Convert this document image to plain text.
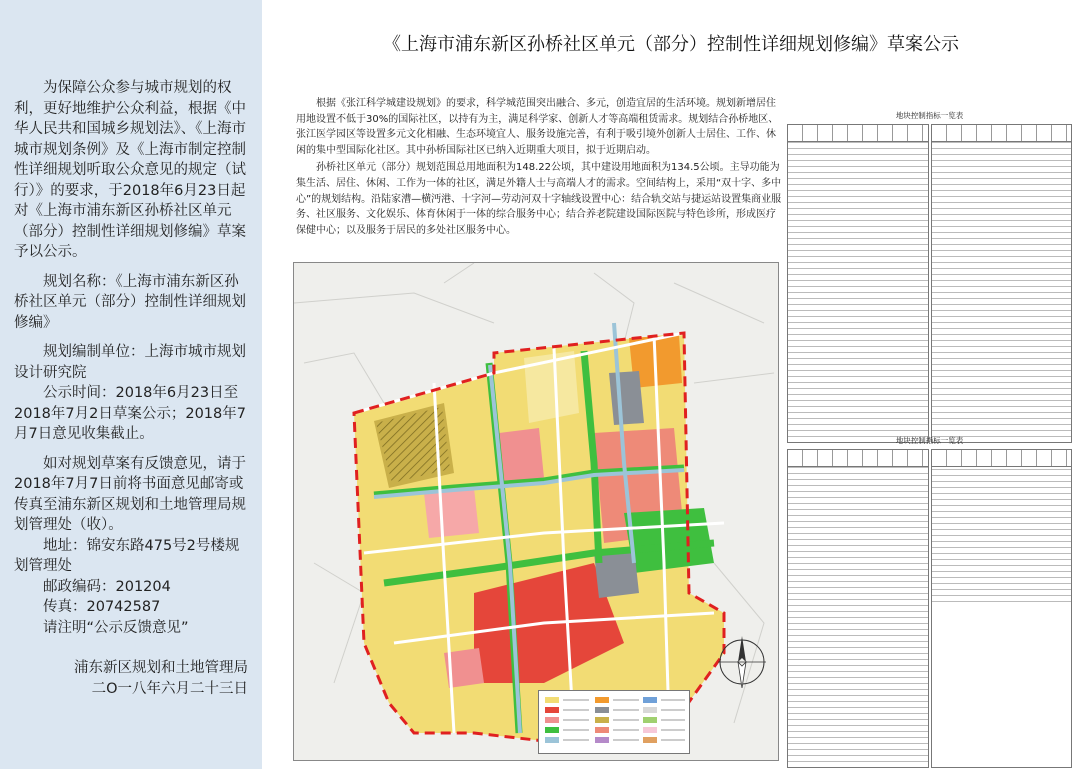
为保障公众参与城市规划的权利，更好地维护公众利益，根据《中华人民共和国城乡规划法》、《上海市城市规划条例》及《上海市制定控制性详细规划听取公众意见的规定（试行）》的要求，于2018年6月23日起对《上海市浦东新区孙桥社区单元（部分）控制性详细规划修编》草案予以公示。

规划名称：《上海市浦东新区孙桥社区单元（部分）控制性详细规划修编》

规划编制单位：上海市城市规划设计研究院

公示时间：2018年6月23日至2018年7月2日草案公示；2018年7月7日意见收集截止。

如对规划草案有反馈意见，请于2018年7月7日前将书面意见邮寄或传真至浦东新区规划和土地管理局规划管理处（收）。

地址：锦安东路475号2号楼规划管理处

邮政编码：201204

传真：20742587

请注明“公示反馈意见”

浦东新区规划和土地管理局

二O一八年六月二十三日

《上海市浦东新区孙桥社区单元（部分）控制性详细规划修编》草案公示

根据《张江科学城建设规划》的要求，科学城范围突出融合、多元，创造宜居的生活环境。规划新增居住用地设置不低于30%的国际社区，以持有为主，满足科学家、创新人才等高端租赁需求。规划结合孙桥地区、张江医学园区等设置多元文化相融、生态环境宜人、服务设施完善，有利于吸引境外创新人士居住、工作、休闲的集中型国际化社区。其中孙桥国际社区已纳入近期重大项目，拟于近期启动。

孙桥社区单元（部分）规划范围总用地面积为148.22公顷，其中建设用地面积为134.5公顷。主导功能为集生活、居住、休闲、工作为一体的社区，满足外籍人士与高端人才的需求。空间结构上，采用“双十字、多中心”的规划结构。沿陆家漕—横沔港、十字河—劳动河双十字轴线设置中心：结合轨交站与捷运站设置集商业服务、社区服务、文化娱乐、体育休闲于一体的综合服务中心；结合养老院建设国际医院与特色诊所，形成医疗保健中心；以及服务于居民的多处社区服务中心。

地块控制指标一览表
地块控制指标一览表
